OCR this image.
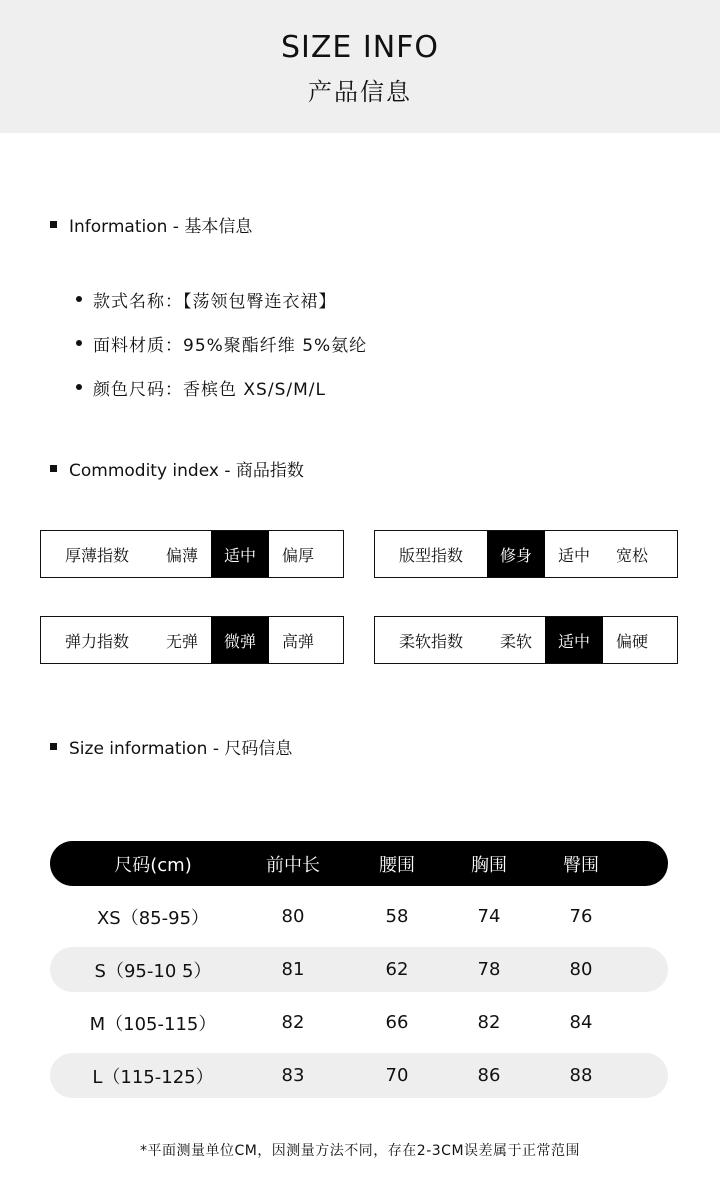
SIZE INFO
产品信息
Information - 基本信息
款式名称：【荡领包臀连衣裙】
面料材质：95%聚酯纤维 5%氨纶
颜色尺码：香槟色 XS/S/M/L
Commodity index - 商品指数
厚薄指数	偏薄	适中	偏厚	版型指数	修身	适中	宽松
弹力指数	无弹	微弹	高弹	柔软指数	柔软	适中	偏硬
Size information - 尺码信息
尺码(cm)	前中长	腰围	胸围	臀围
XS（85-95）	80	58	74	76
S（95-10 5）	81	62	78	80
M（105-115）	82	66	82	84
L（115-125）	83	70	86	88
*平面测量单位CM，因测量方法不同，存在2-3CM误差属于正常范围
